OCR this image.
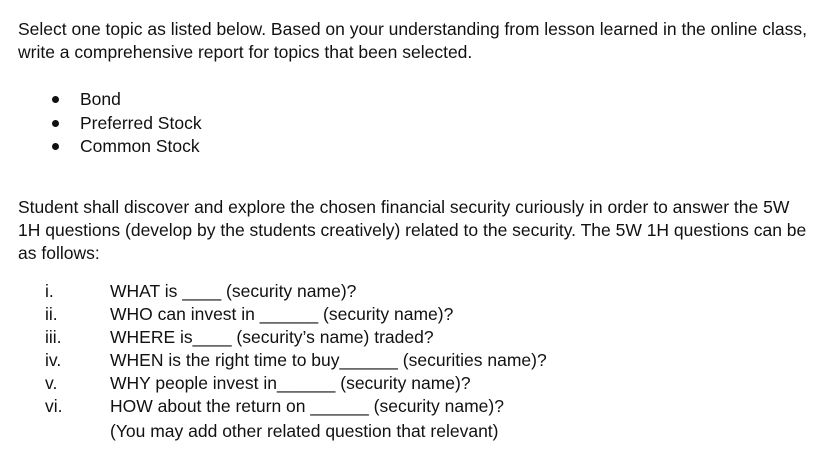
Select one topic as listed below. Based on your understanding from lesson learned in the online class, write a comprehensive report for topics that been selected.

Bond
Preferred Stock
Common Stock

Student shall discover and explore the chosen financial security curiously in order to answer the 5W 1H questions (develop by the students creatively) related to the security. The 5W 1H questions can be as follows:

i.	WHAT is ____ (security name)?
ii.	WHO can invest in ______ (security name)?
iii.	WHERE is____ (security’s name) traded?
iv.	WHEN is the right time to buy______ (securities name)?
v.	WHY people invest in______ (security name)?
vi.	HOW about the return on ______ (security name)?
(You may add other related question that relevant)
